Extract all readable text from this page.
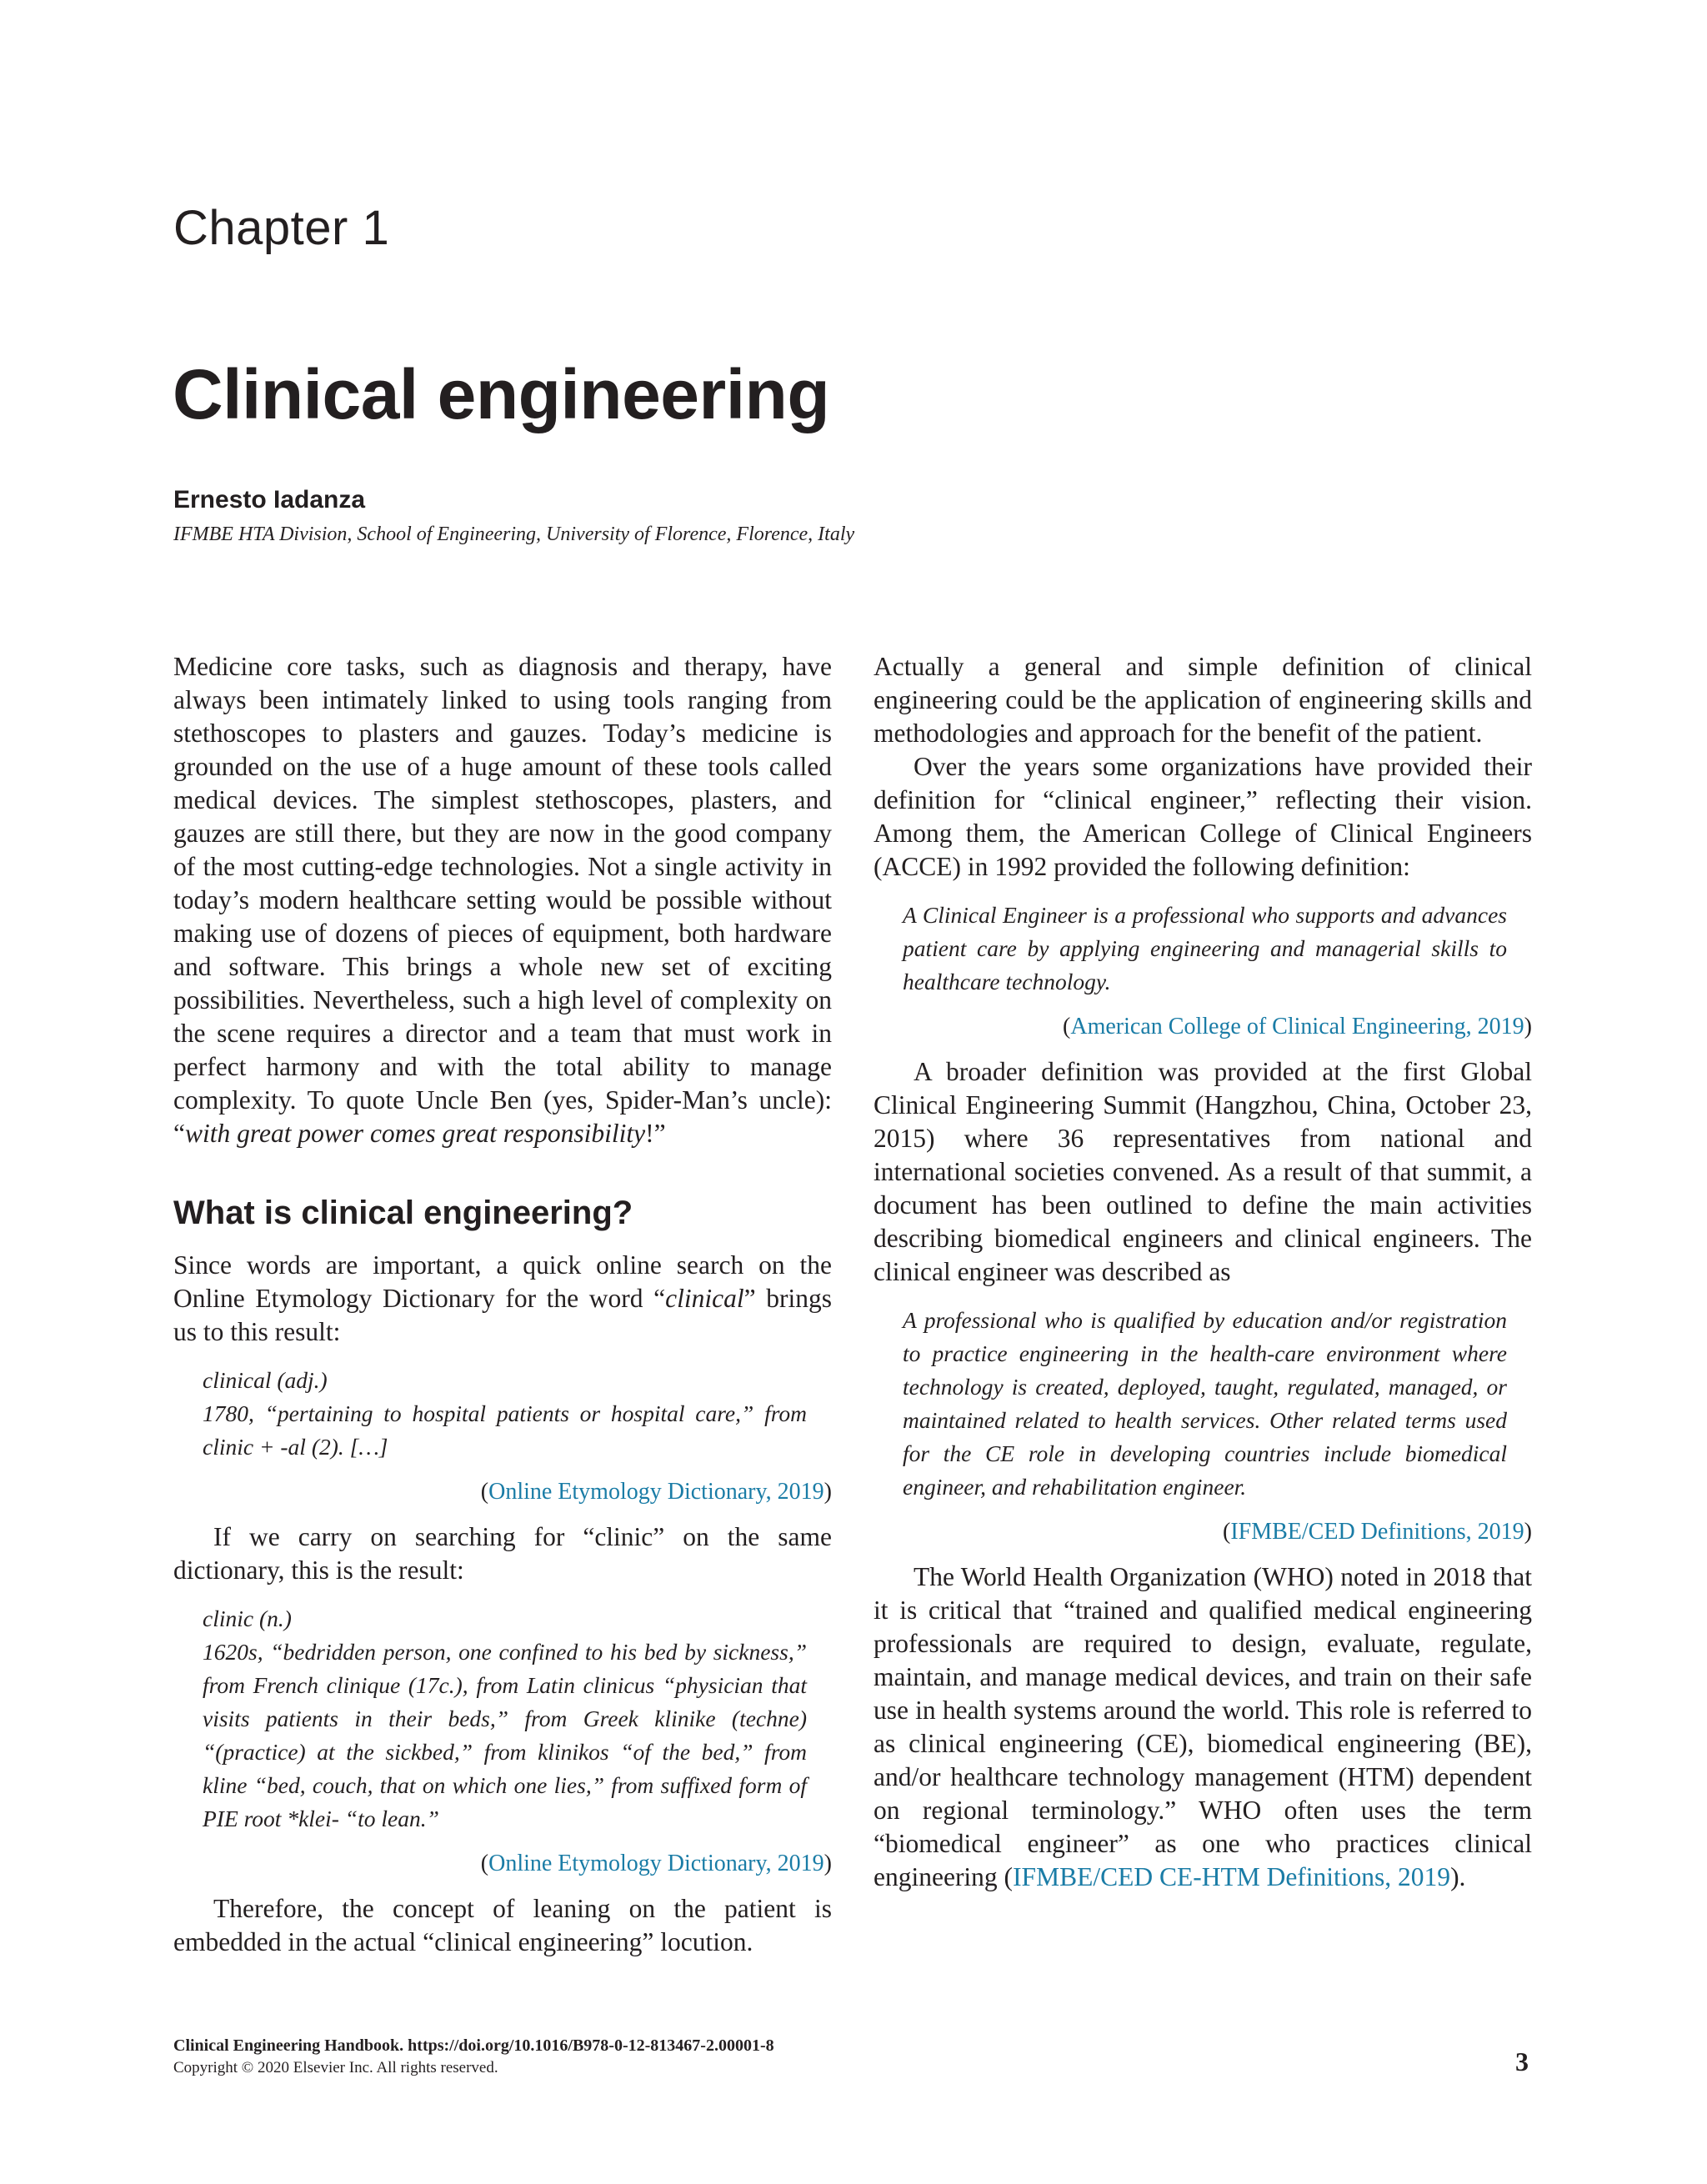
Chapter 1
Clinical engineering
Ernesto Iadanza
IFMBE HTA Division, School of Engineering, University of Florence, Florence, Italy

Medicine core tasks, such as diagnosis and therapy, have always been intimately linked to using tools ranging from stethoscopes to plasters and gauzes. Today’s medicine is grounded on the use of a huge amount of these tools called medical devices. The simplest stethoscopes, plasters, and gauzes are still there, but they are now in the good company of the most cutting-edge technologies. Not a single activity in today’s modern healthcare setting would be possible without making use of dozens of pieces of equipment, both hardware and software. This brings a whole new set of exciting possibilities. Nevertheless, such a high level of complexity on the scene requires a director and a team that must work in perfect harmony and with the total ability to manage complexity. To quote Uncle Ben (yes, Spider-Man’s uncle): “with great power comes great responsibility!”

What is clinical engineering?

Since words are important, a quick online search on the Online Etymology Dictionary for the word “clinical” brings us to this result:

clinical (adj.)
1780, “pertaining to hospital patients or hospital care,” from clinic + -al (2). […]
(Online Etymology Dictionary, 2019)

If we carry on searching for “clinic” on the same dictionary, this is the result:

clinic (n.)
1620s, “bedridden person, one confined to his bed by sickness,” from French clinique (17c.), from Latin clinicus “physician that visits patients in their beds,” from Greek klinike (techne) “(practice) at the sickbed,” from klinikos “of the bed,” from kline “bed, couch, that on which one lies,” from suffixed form of PIE root *klei- “to lean.”
(Online Etymology Dictionary, 2019)

Therefore, the concept of leaning on the patient is embedded in the actual “clinical engineering” locution.

Actually a general and simple definition of clinical engineering could be the application of engineering skills and methodologies and approach for the benefit of the patient.

Over the years some organizations have provided their definition for “clinical engineer,” reflecting their vision. Among them, the American College of Clinical Engineers (ACCE) in 1992 provided the following definition:

A Clinical Engineer is a professional who supports and advances patient care by applying engineering and managerial skills to healthcare technology.
(American College of Clinical Engineering, 2019)

A broader definition was provided at the first Global Clinical Engineering Summit (Hangzhou, China, October 23, 2015) where 36 representatives from national and international societies convened. As a result of that summit, a document has been outlined to define the main activities describing biomedical engineers and clinical engineers. The clinical engineer was described as

A professional who is qualified by education and/or registration to practice engineering in the health-care environment where technology is created, deployed, taught, regulated, managed, or maintained related to health services. Other related terms used for the CE role in developing countries include biomedical engineer, and rehabilitation engineer.
(IFMBE/CED Definitions, 2019)

The World Health Organization (WHO) noted in 2018 that it is critical that “trained and qualified medical engineering professionals are required to design, evaluate, regulate, maintain, and manage medical devices, and train on their safe use in health systems around the world. This role is referred to as clinical engineering (CE), biomedical engineering (BE), and/or healthcare technology management (HTM) dependent on regional terminology.” WHO often uses the term “biomedical engineer” as one who practices clinical engineering (IFMBE/CED CE-HTM Definitions, 2019).

Clinical Engineering Handbook. https://doi.org/10.1016/B978-0-12-813467-2.00001-8
Copyright © 2020 Elsevier Inc. All rights reserved.	3
